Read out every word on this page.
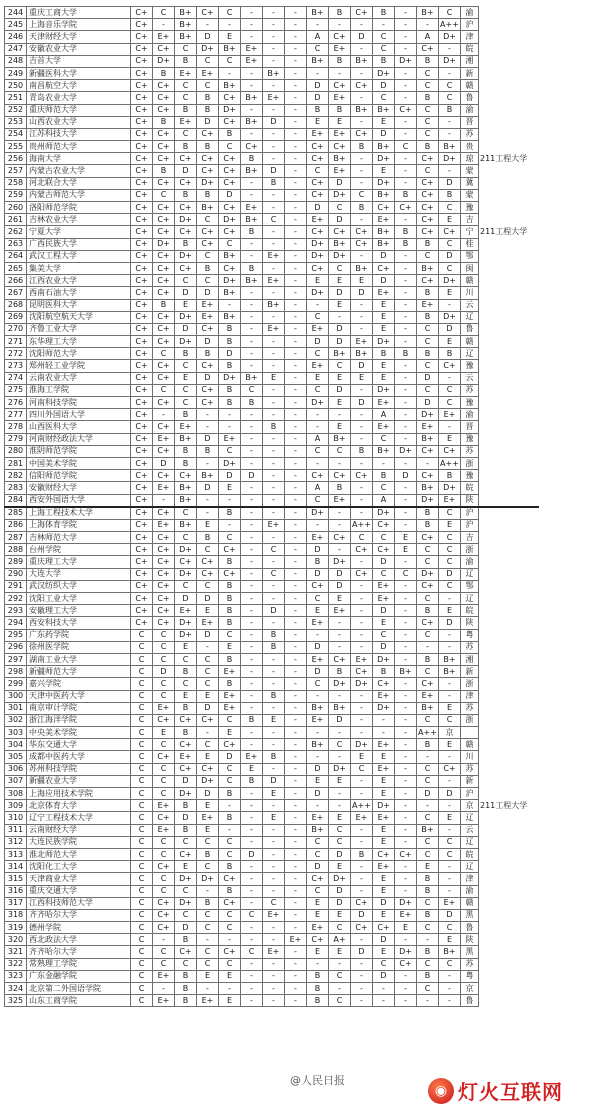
244	重庆工商大学	C+	C	B+	C+	C	-	-	-	B+	B	C+	B	-	B+	C	渝	
245	上海音乐学院	C+	-	B+	-	-	-	-	-	-	-	-	-	-	-	A++	沪	
246	天津财经大学	C+	E+	B+	D	E	-	-	-	A	C+	D	C	-	A	D+	津	
247	安徽农业大学	C+	C+	C	D+	B+	E+	-	-	C	E+	-	C	-	C+	-	皖	
248	吉首大学	C+	D+	B	C	C	E+	-	-	B+	B	B+	B	D+	B	D+	湘	
249	新疆医科大学	C+	B	E+	E+	-	-	B+	-	-	-	-	D+	-	C	-	新	
250	南昌航空大学	C+	C+	C	C	B+	-	-	-	D	C+	C+	D	-	C	C	赣	
251	青岛农业大学	C+	C+	C	B	C+	B+	E+	-	D	E+	-	C	-	B	C	鲁	
252	重庆师范大学	C+	C+	B	B	D+	-	-	-	B	B	B+	B+	C+	C	B	渝	
253	山西农业大学	C+	B	E+	D	C+	B+	D	-	E	E	-	E	-	C	-	晋	
254	江苏科技大学	C+	C+	C	C+	B	-	-	-	E+	E+	C+	D	-	C	-	苏	
255	贵州师范大学	C+	C+	B	B	C	C+	-	-	C+	C+	B	B+	C	B	B+	贵	
256	海南大学	C+	C+	C+	C+	C+	B	-	-	C+	B+	-	D+	-	C+	D+	琼	211工程大学
257	内蒙古农业大学	C+	B	D	C+	C+	B+	D	-	C	E+	-	E	-	C	-	蒙	
258	河北联合大学	C+	C+	C+	D+	C+	-	B	-	C+	D	-	D+	-	C+	D	冀	
259	内蒙古师范大学	C+	C	B	B	D	-	-	-	C+	D+	C	B+	B	C+	B	蒙	
260	洛阳师范学院	C+	C+	C+	B+	C+	E+	-	-	D	C	B	C+	C+	C+	C	豫	
261	吉林农业大学	C+	C+	D+	C	D+	B+	C	-	E+	D	-	E+	-	C+	E	吉	
262	宁夏大学	C+	C+	C+	C+	C+	B	-	-	C+	C+	C+	B+	B	C+	C+	宁	211工程大学
263	广西民族大学	C+	D+	B	C+	C	-	-	-	D+	B+	C+	B+	B	B	C	桂	
264	武汉工程大学	C+	C+	D+	C	B+	-	E+	-	D+	D+	-	D	-	C	D	鄂	
265	集美大学	C+	C+	C+	B	C+	B	-	-	C+	C	B+	C+	-	B+	C	闽	
266	江西农业大学	C+	C+	C	C	D+	B+	E+	-	E	E	E	D	-	C+	D+	赣	
267	西南石油大学	C+	C+	D	D	B+	-	-	-	D+	D	D	E+	-	B	E	川	
268	昆明医科大学	C+	B	E	E+	-	-	B+	-	-	E	-	E	-	E+	-	云	
269	沈阳航空航天大学	C+	C+	D+	E+	B+	-	-	-	C	-	-	E	-	B	D+	辽	
270	齐鲁工业大学	C+	C+	D	C+	B	-	E+	-	E+	D	-	E	-	C	D	鲁	
271	东华理工大学	C+	C+	D+	D	B	-	-	-	D	D	E+	D+	-	C	E	赣	
272	沈阳师范大学	C+	C	B	B	D	-	-	-	C	B+	B+	B	B	B	B	辽	
273	郑州轻工业学院	C+	C+	C	C+	B	-	-	-	E+	C	D	E	-	C	C+	豫	
274	云南农业大学	C+	C+	E	D	D+	B+	E	-	E	E	E	E	-	D	-	云	
275	淮海工学院	C+	C	C	C+	B	C	-	-	C	D	-	D+	-	C	C	苏	
276	河南科技学院	C+	C+	C	C+	B	B	-	-	D+	E	D	E+	-	D	C	豫	
277	四川外国语大学	C+	-	B	-	-	-	-	-	-	-	-	A	-	D+	E+	渝	
278	山西医科大学	C+	C+	E+	-	-	-	B	-	-	E	-	E+	-	E+	-	晋	
279	河南财经政法大学	C+	E+	B+	D	E+	-	-	-	A	B+	-	C	-	B+	E	豫	
280	淮阴师范学院	C+	C+	B	B	C	-	-	-	C	C	B	B+	D+	C+	C+	苏	
281	中国美术学院	C+	D	B	-	D+	-	-	-	-	-	-	-	-	-	A++	浙	
282	信阳师范学院	C+	C+	C+	B+	D	D	-	-	C+	C+	C+	B	D	C+	B	豫	
283	安徽财经大学	C+	E+	B+	D	E	-	-	-	A	B	-	C	-	B+	D+	皖	
284	西安外国语大学	C+	-	B+	-	-	-	-	-	C	E+	-	A	-	D+	E+	陕	
285	上海工程技术大学	C+	C+	C	-	B	-	-	-	D+	-	-	D+	-	B	C	沪	
286	上海体育学院	C+	E+	B+	E	-	-	E+	-	-	-	A++	C+	-	B	E	沪	
287	吉林师范大学	C+	C+	C	B	C	-	-	-	E+	C+	C	C	E	C+	C	吉	
288	台州学院	C+	C+	D+	C	C+	-	C	-	D	-	C+	C+	E	C	C	浙	
289	重庆理工大学	C+	C+	C+	C+	B	-	-	-	B	D+	-	D	-	C	C	渝	
290	大连大学	C+	C+	D+	C+	C+	-	C	-	D	D	C+	C	C	D+	D	辽	
291	武汉纺织大学	C+	C+	C	C	B	-	-	-	C+	D	-	E+	-	C+	C	鄂	
292	沈阳工业大学	C+	C+	D	D	B	-	-	-	C	E	-	E+	-	C	-	辽	
293	安徽理工大学	C+	C+	E+	E	B	-	D	-	E	E+	-	D	-	B	E	皖	
294	西安科技大学	C+	C+	D+	E+	B	-	-	-	E+	-	-	E	-	C+	D	陕	
295	广东药学院	C	C	D+	D	C	-	B	-	-	-	-	C	-	C	-	粤	
296	徐州医学院	C	C	E	-	E	-	B	-	D	-	-	D	-	-	-	苏	
297	湖南工业大学	C	C	C	C	B	-	-	-	E+	C+	E+	D+	-	B	B+	湘	
298	新疆师范大学	C	D	B	C	E+	-	-	-	D	B	C+	B	B+	C	B+	新	
299	嘉兴学院	C	C	C	C	B	-	-	-	C	D+	D+	C+	-	C+	-	浙	
300	天津中医药大学	C	C	E	E	E+	-	B	-	-	-	-	E+	-	E+	-	津	
301	南京审计学院	C	E+	B	D	E+	-	-	-	B+	B+	-	D+	-	B+	E	苏	
302	浙江海洋学院	C	C+	C+	C+	C	B	E	-	E+	D	-	-	-	C	C	浙	
303	中央美术学院	C	E	B	-	E	-	-	-	-	-	-	-	-	A++	京		
304	华东交通大学	C	C	C+	C	C+	-	-	-	B+	C	D+	E+	-	B	E	赣	
305	成都中医药大学	C	C+	E+	E	D	E+	B	-	-	-	E	E	-	-	-	川	
306	苏州科技学院	C	C	C+	C+	C	E	-	-	D	D+	C	E+	-	C	C+	苏	
307	新疆农业大学	C	C	D	D+	C	B	D	-	E	E	-	E	-	C	-	新	
308	上海应用技术学院	C	C	D+	D	B	-	E	-	D	-	-	E	-	D	D	沪	
309	北京体育大学	C	E+	B	E	-	-	-	-	-	-	A++	D+	-	-	-	京	211工程大学
310	辽宁工程技术大学	C	C+	D	E+	B	-	E	-	E+	E	E+	E+	-	C	E	辽	
311	云南财经大学	C	E+	B	E	-	-	-	-	B+	C	-	E	-	B+	-	云	
312	大连民族学院	C	C	C	C	C	-	-	-	C	C	-	E	-	C	C	辽	
313	淮北师范大学	C	C	C+	B	C	D	-	-	C	D	B	C+	C+	C	C	皖	
314	沈阳化工大学	C	C+	E	C	B	-	-	-	D	E	-	E+	-	E	-	辽	
315	天津商业大学	C	C	D+	D+	C+	-	-	-	C+	D+	-	E	-	B	-	津	
316	重庆交通大学	C	C	C	-	B	-	-	-	C	D	-	E	-	B	-	渝	
317	江西科技师范大学	C	C+	D+	B	C+	-	C	-	E	D	C+	D	D+	C	E+	赣	
318	齐齐哈尔大学	C	C+	C	C	C	C	E+	-	E	E	D	E	E+	B	D	黑	
319	德州学院	C	C+	D	C	C	-	-	-	E+	C	C+	C+	E	C	C	鲁	
320	西北政法大学	C	-	B	-	-	-	-	E+	C+	A+	-	D	-	-	E	陕	
321	齐齐哈尔大学	C	C	C+	C	C+	C	E+	-	E	E	D	E	D+	B	B+	黑	
322	常熟理工学院	C	C	C	C	C	-	-	-	-	-	-	C	C+	C	C	苏	
323	广东金融学院	C	E+	B	E	E	-	-	-	B	C	-	D	-	B	-	粤	
324	北京第二外国语学院	C	-	B	-	-	-	-	-	B	-	-	-	-	C	-	京	
325	山东工商学院	C	E+	B	E+	E	-	-	-	B	C	-	-	-	-	-	鲁	
@人民日报
◉ 灯火互联网
